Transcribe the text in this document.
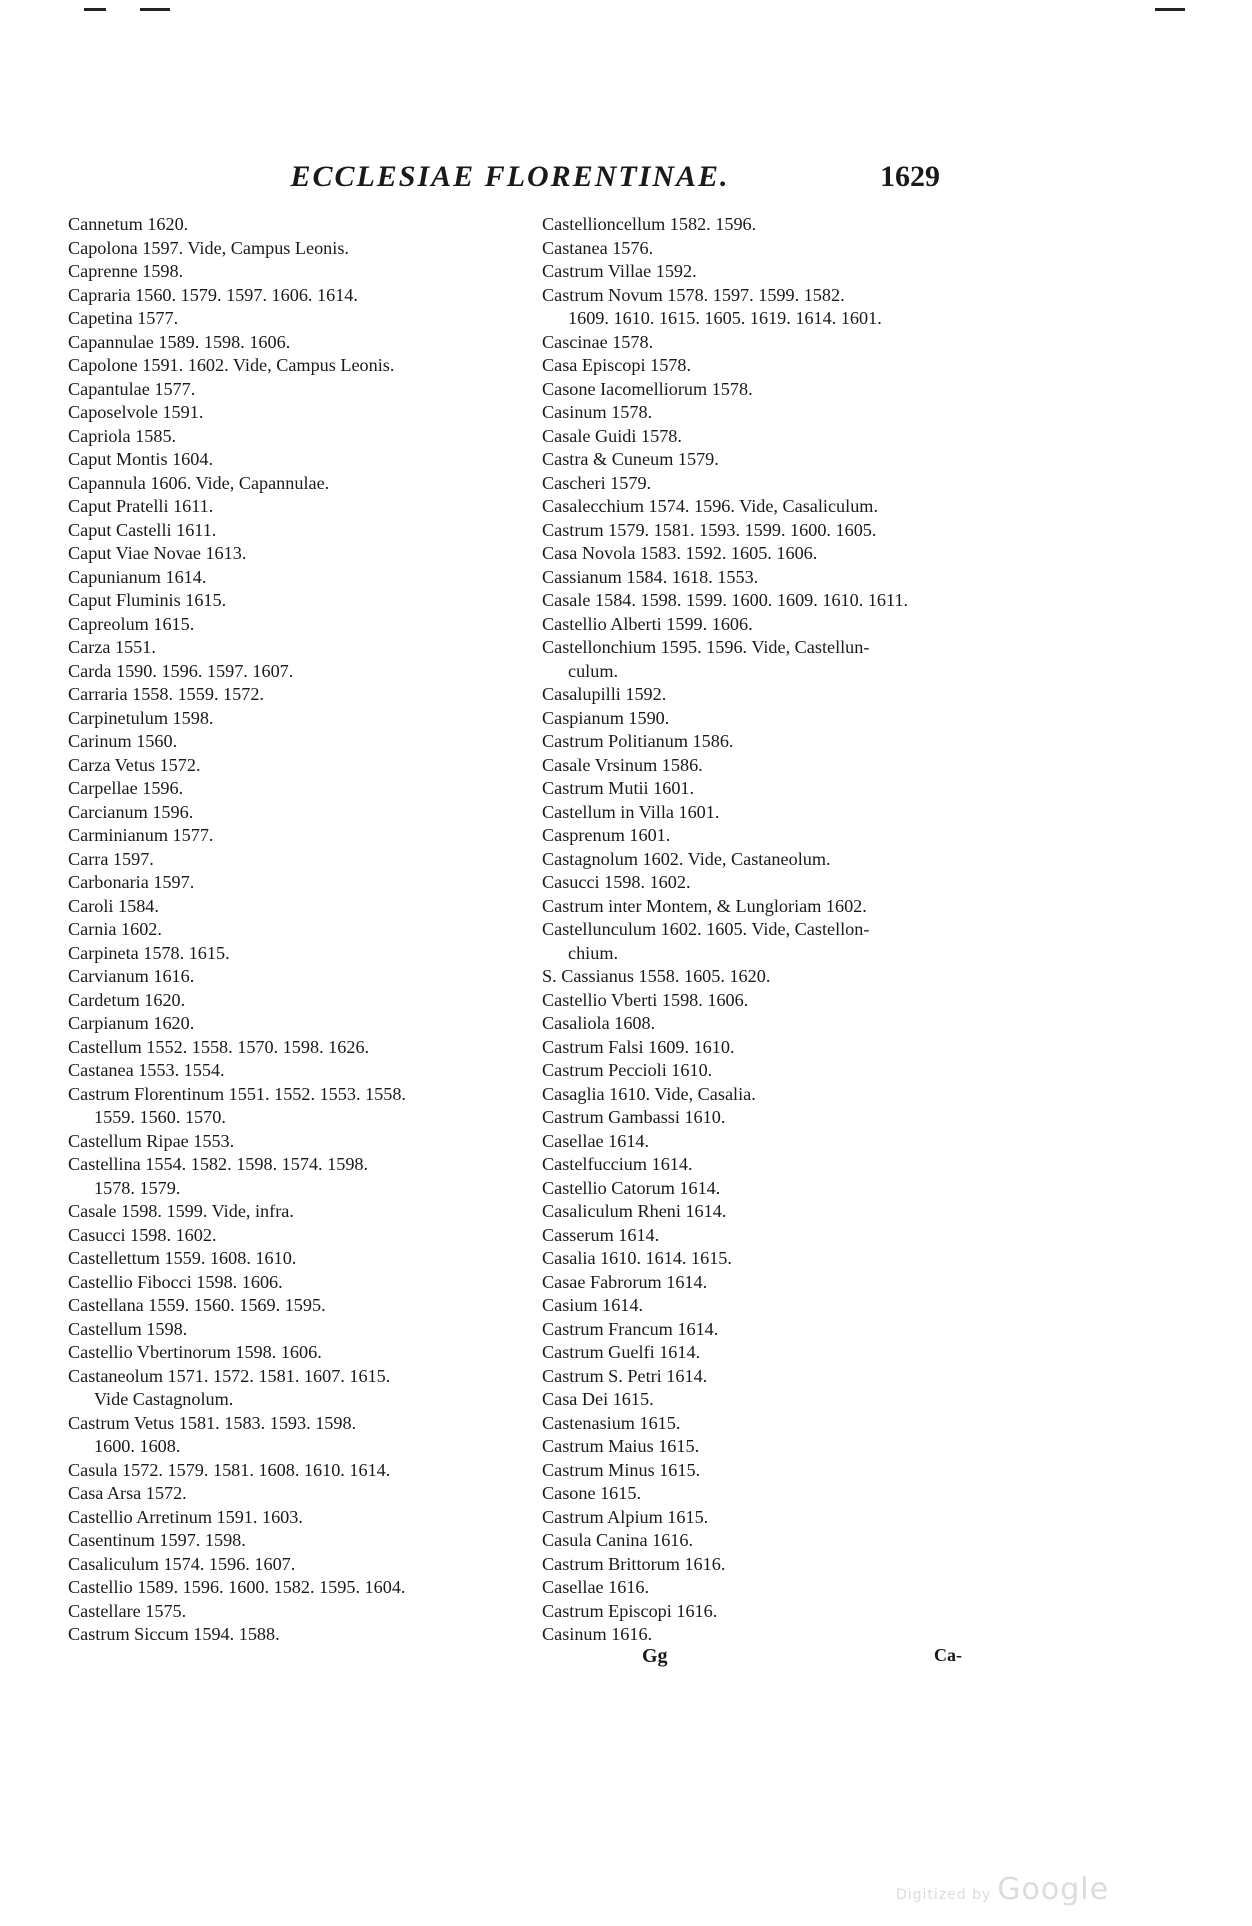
ECCLESIAE FLORENTINAE.	1629
Cannetum 1620.
Capolona 1597. Vide, Campus Leonis.
Caprenne 1598.
Capraria 1560. 1579. 1597. 1606. 1614.
Capetina 1577.
Capannulae 1589. 1598. 1606.
Capolone 1591. 1602. Vide, Campus Leonis.
Capantulae 1577.
Caposelvole 1591.
Capriola 1585.
Caput Montis 1604.
Capannula 1606. Vide, Capannulae.
Caput Pratelli 1611.
Caput Castelli 1611.
Caput Viae Novae 1613.
Capunianum 1614.
Caput Fluminis 1615.
Capreolum 1615.
Carza 1551.
Carda 1590. 1596. 1597. 1607.
Carraria 1558. 1559. 1572.
Carpinetulum 1598.
Carinum 1560.
Carza Vetus 1572.
Carpellae 1596.
Carcianum 1596.
Carminianum 1577.
Carra 1597.
Carbonaria 1597.
Caroli 1584.
Carnia 1602.
Carpineta 1578. 1615.
Carvianum 1616.
Cardetum 1620.
Carpianum 1620.
Castellum 1552. 1558. 1570. 1598. 1626.
Castanea 1553. 1554.
Castrum Florentinum 1551. 1552. 1553. 1558.
1559. 1560. 1570.
Castellum Ripae 1553.
Castellina 1554. 1582. 1598. 1574. 1598.
1578. 1579.
Casale 1598. 1599. Vide, infra.
Casucci 1598. 1602.
Castellettum 1559. 1608. 1610.
Castellio Fibocci 1598. 1606.
Castellana 1559. 1560. 1569. 1595.
Castellum 1598.
Castellio Vbertinorum 1598. 1606.
Castaneolum 1571. 1572. 1581. 1607. 1615.
Vide Castagnolum.
Castrum Vetus 1581. 1583. 1593. 1598.
1600. 1608.
Casula 1572. 1579. 1581. 1608. 1610. 1614.
Casa Arsa 1572.
Castellio Arretinum 1591. 1603.
Casentinum 1597. 1598.
Casaliculum 1574. 1596. 1607.
Castellio 1589. 1596. 1600. 1582. 1595. 1604.
Castellare 1575.
Castrum Siccum 1594. 1588.
Castellioncellum 1582. 1596.
Castanea 1576.
Castrum Villae 1592.
Castrum Novum 1578. 1597. 1599. 1582.
1609. 1610. 1615. 1605. 1619. 1614. 1601.
Cascinae 1578.
Casa Episcopi 1578.
Casone Iacomelliorum 1578.
Casinum 1578.
Casale Guidi 1578.
Castra & Cuneum 1579.
Cascheri 1579.
Casalecchium 1574. 1596. Vide, Casaliculum.
Castrum 1579. 1581. 1593. 1599. 1600. 1605.
Casa Novola 1583. 1592. 1605. 1606.
Cassianum 1584. 1618. 1553.
Casale 1584. 1598. 1599. 1600. 1609. 1610. 1611.
Castellio Alberti 1599. 1606.
Castellonchium 1595. 1596. Vide, Castellun-
culum.
Casalupilli 1592.
Caspianum 1590.
Castrum Politianum 1586.
Casale Vrsinum 1586.
Castrum Mutii 1601.
Castellum in Villa 1601.
Casprenum 1601.
Castagnolum 1602. Vide, Castaneolum.
Casucci 1598. 1602.
Castrum inter Montem, & Lungloriam 1602.
Castellunculum 1602. 1605. Vide, Castellon-
chium.
S. Cassianus 1558. 1605. 1620.
Castellio Vberti 1598. 1606.
Casaliola 1608.
Castrum Falsi 1609. 1610.
Castrum Peccioli 1610.
Casaglia 1610. Vide, Casalia.
Castrum Gambassi 1610.
Casellae 1614.
Castelfuccium 1614.
Castellio Catorum 1614.
Casaliculum Rheni 1614.
Casserum 1614.
Casalia 1610. 1614. 1615.
Casae Fabrorum 1614.
Casium 1614.
Castrum Francum 1614.
Castrum Guelfi 1614.
Castrum S. Petri 1614.
Casa Dei 1615.
Castenasium 1615.
Castrum Maius 1615.
Castrum Minus 1615.
Casone 1615.
Castrum Alpium 1615.
Casula Canina 1616.
Castrum Brittorum 1616.
Casellae 1616.
Castrum Episcopi 1616.
Casinum 1616.
Gg	Ca-
Digitized by Google
